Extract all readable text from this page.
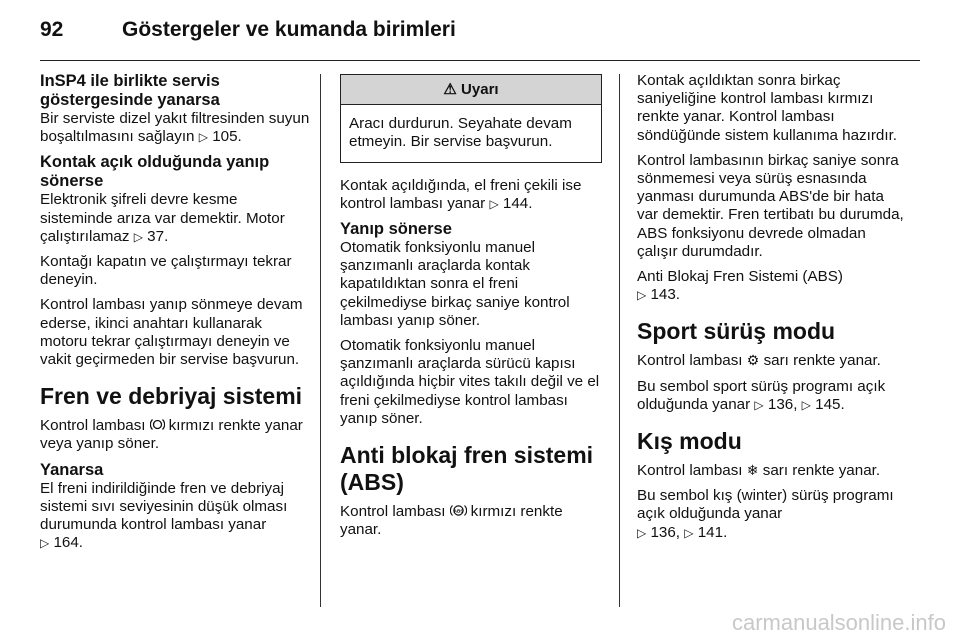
92	Göstergeler ve kumanda birimleri
InSP4 ile birlikte servis göstergesinde yanarsa

Bir serviste dizel yakıt filtresinden suyun boşaltılmasını sağlayın ▷ 105.

Kontak açık olduğunda yanıp sönerse

Elektronik şifreli devre kesme sisteminde arıza var demektir. Motor çalıştırılamaz ▷ 37.

Kontağı kapatın ve çalıştırmayı tekrar deneyin.

Kontrol lambası yanıp sönmeye devam ederse, ikinci anahtarı kullanarak motoru tekrar çalıştırmayı deneyin ve vakit geçirmeden bir servise başvurun.

Fren ve debriyaj sistemi

Kontrol lambası kırmızı renkte yanar veya yanıp söner.

Yanarsa

El freni indirildiğinde fren ve debriyaj sistemi sıvı seviyesinin düşük olması durumunda kontrol lambası yanar ▷ 164.

⚠ Uyarı
Aracı durdurun. Seyahate devam etmeyin. Bir servise başvurun.

Kontak açıldığında, el freni çekili ise kontrol lambası yanar ▷ 144.

Yanıp sönerse

Otomatik fonksiyonlu manuel şanzımanlı araçlarda kontak kapatıldıktan sonra el freni çekilmediyse birkaç saniye kontrol lambası yanıp söner.

Otomatik fonksiyonlu manuel şanzımanlı araçlarda sürücü kapısı açıldığında hiçbir vites takılı değil ve el freni çekilmediyse kontrol lambası yanıp söner.

Anti blokaj fren sistemi (ABS)

Kontrol lambası ABS kırmızı renkte yanar.

Kontak açıldıktan sonra birkaç saniyeliğine kontrol lambası kırmızı renkte yanar. Kontrol lambası söndüğünde sistem kullanıma hazırdır.

Kontrol lambasının birkaç saniye sonra sönmemesi veya sürüş esnasında yanması durumunda ABS'de bir hata var demektir. Fren tertibatı bu durumda, ABS fonksiyonu devrede olmadan çalışır durumdadır.

Anti Blokaj Fren Sistemi (ABS)
▷ 143.

Sport sürüş modu

Kontrol lambası ⚙ sarı renkte yanar.

Bu sembol sport sürüş programı açık olduğunda yanar ▷ 136, ▷ 145.

Kış modu

Kontrol lambası ❄ sarı renkte yanar.

Bu sembol kış (winter) sürüş programı açık olduğunda yanar
▷ 136, ▷ 141.

carmanualsonline.info
